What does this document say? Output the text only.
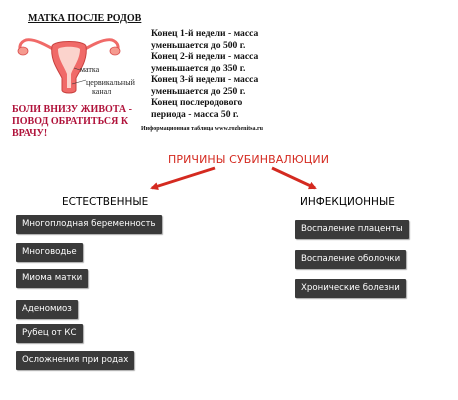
МАТКА ПОСЛЕ РОДОВ
матка
цервикальный
канал
БОЛИ ВНИЗУ ЖИВОТА -
ПОВОД ОБРАТИТЬСЯ К
ВРАЧУ!
Конец 1-й недели - масса
уменьшается до 500 г.
Конец 2-й недели - масса
уменьшается до 350 г.
Конец 3-й недели - масса
уменьшается до 250 г.
Конец послеродового
периода - масса 50 г.
Информационная таблица www.rozhenitsa.ru
ПРИЧИНЫ СУБИНВАЛЮЦИИ
ЕСТЕСТВЕННЫЕ	ИНФЕКЦИОННЫЕ
Многоплодная беременность
Многоводье
Миома матки
Аденомиоз
Рубец от КС
Осложнения при родах
Воспаление плаценты
Воспаление оболочки
Хронические болезни
